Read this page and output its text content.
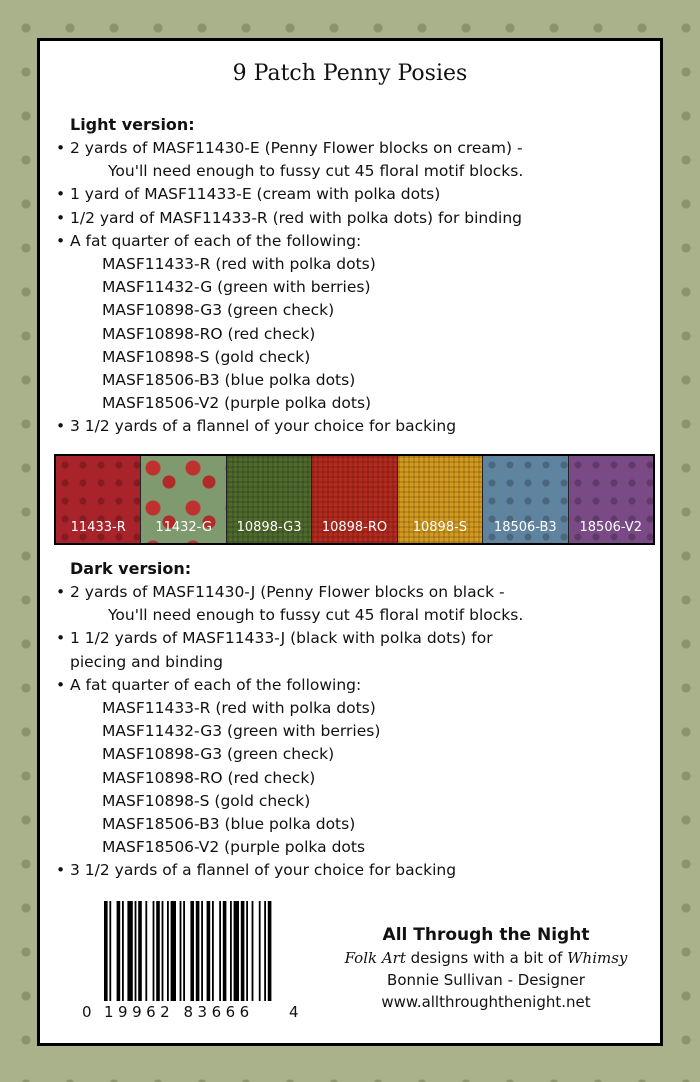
9 Patch Penny Posies
Light version:
• 2 yards of MASF11430-E (Penny Flower blocks on cream) -
You'll need enough to fussy cut 45 floral motif blocks.
• 1 yard of MASF11433-E (cream with polka dots)
• 1/2 yard of MASF11433-R (red with polka dots) for binding
• A fat quarter of each of the following:
MASF11433-R (red with polka dots)
MASF11432-G (green with berries)
MASF10898-G3 (green check)
MASF10898-RO (red check)
MASF10898-S (gold check)
MASF18506-B3 (blue polka dots)
MASF18506-V2 (purple polka dots)
• 3 1/2 yards of a flannel of your choice for backing
11433-R	11432-G	10898-G3	10898-RO	10898-S	18506-B3	18506-V2
Dark version:
• 2 yards of MASF11430-J (Penny Flower blocks on black -
You'll need enough to fussy cut 45 floral motif blocks.
• 1 1/2 yards of MASF11433-J (black with polka dots) for
piecing and binding
• A fat quarter of each of the following:
MASF11433-R (red with polka dots)
MASF11432-G3 (green with berries)
MASF10898-G3 (green check)
MASF10898-RO (red check)
MASF10898-S (gold check)
MASF18506-B3 (blue polka dots)
MASF18506-V2 (purple polka dots
• 3 1/2 yards of a flannel of your choice for backing
0 19962 83666 4
All Through the Night
Folk Art designs with a bit of Whimsy
Bonnie Sullivan - Designer
www.allthroughthenight.net
